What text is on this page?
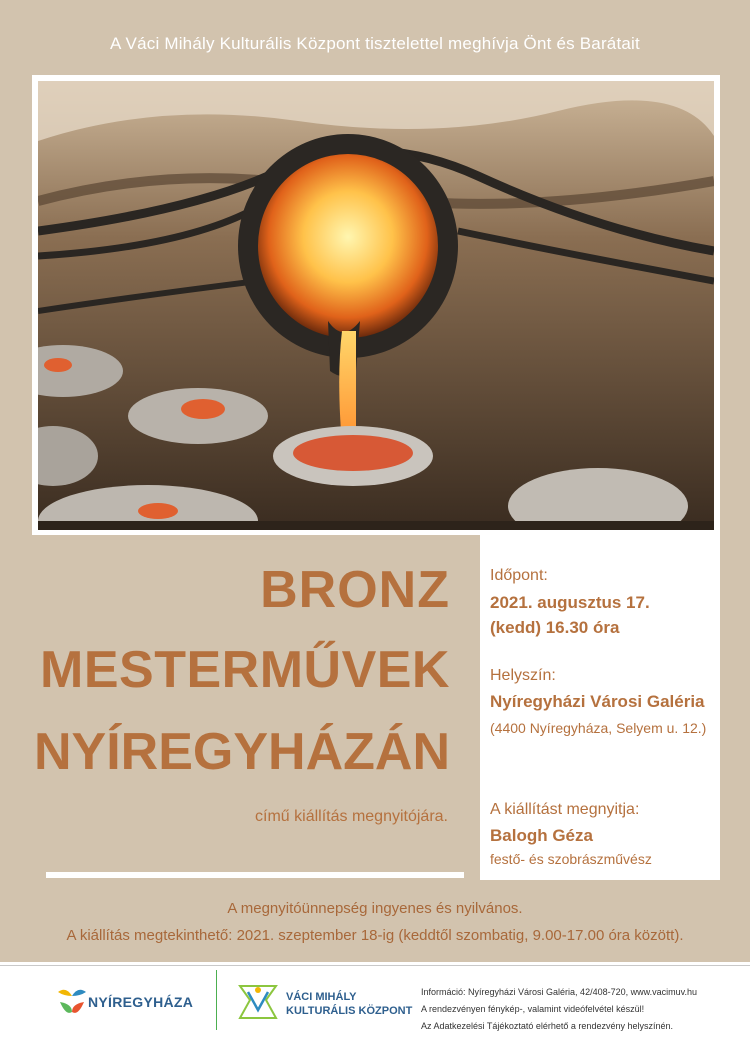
A Váci Mihály Kulturális Központ tisztelettel meghívja Önt és Barátait
BRONZ
MESTERMŰVEK
NYÍREGYHÁZÁN
című kiállítás megnyitójára.
Időpont:
2021. augusztus 17.
(kedd) 16.30 óra
Helyszín:
Nyíregyházi Városi Galéria
(4400 Nyíregyháza, Selyem u. 12.)
A kiállítást megnyitja:
Balogh Géza
festő- és szobrászművész
A megnyitóünnepség ingyenes és nyilvános.
A kiállítás megtekinthető: 2021. szeptember 18-ig (keddtől szombatig, 9.00-17.00 óra között).
NYÍREGYHÁZA	VÁCI MIHÁLY
KULTURÁLIS KÖZPONT
Információ: Nyíregyházi Városi Galéria, 42/408-720, www.vacimuv.hu
A rendezvényen fénykép-, valamint videófelvétel készül!
Az Adatkezelési Tájékoztató elérhető a rendezvény helyszínén.
